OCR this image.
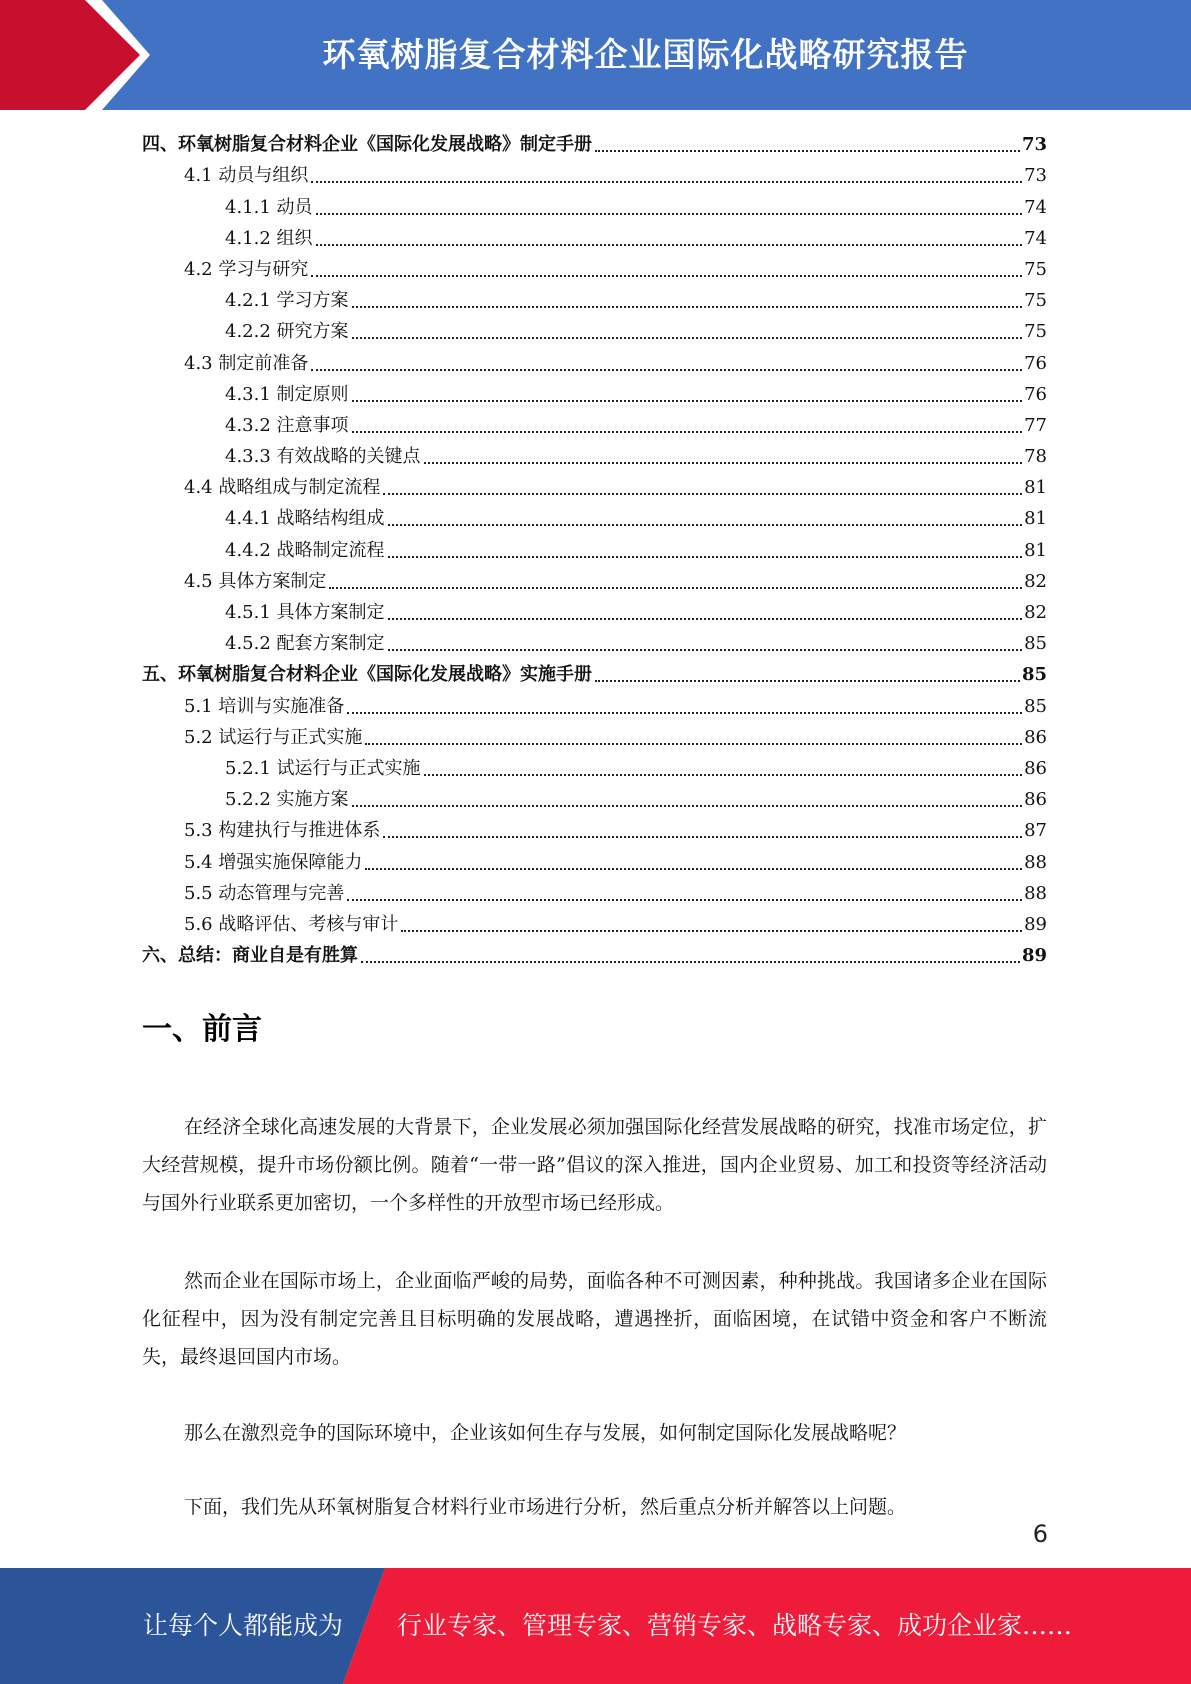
环氧树脂复合材料企业国际化战略研究报告
四、环氧树脂复合材料企业《国际化发展战略》制定手册	73
4.1 动员与组织	73
4.1.1 动员	74
4.1.2 组织	74
4.2 学习与研究	75
4.2.1 学习方案	75
4.2.2 研究方案	75
4.3 制定前准备	76
4.3.1 制定原则	76
4.3.2 注意事项	77
4.3.3 有效战略的关键点	78
4.4 战略组成与制定流程	81
4.4.1 战略结构组成	81
4.4.2 战略制定流程	81
4.5 具体方案制定	82
4.5.1 具体方案制定	82
4.5.2 配套方案制定	85
五、环氧树脂复合材料企业《国际化发展战略》实施手册	85
5.1 培训与实施准备	85
5.2 试运行与正式实施	86
5.2.1 试运行与正式实施	86
5.2.2 实施方案	86
5.3 构建执行与推进体系	87
5.4 增强实施保障能力	88
5.5 动态管理与完善	88
5.6 战略评估、考核与审计	89
六、总结：商业自是有胜算	89
一、前言

在经济全球化高速发展的大背景下，企业发展必须加强国际化经营发展战略的研究，找准市场定位，扩大经营规模，提升市场份额比例。随着“一带一路”倡议的深入推进，国内企业贸易、加工和投资等经济活动与国外行业联系更加密切，一个多样性的开放型市场已经形成。

然而企业在国际市场上，企业面临严峻的局势，面临各种不可测因素，种种挑战。我国诸多企业在国际化征程中，因为没有制定完善且目标明确的发展战略，遭遇挫折，面临困境，在试错中资金和客户不断流失，最终退回国内市场。

那么在激烈竞争的国际环境中，企业该如何生存与发展，如何制定国际化发展战略呢？

下面，我们先从环氧树脂复合材料行业市场进行分析，然后重点分析并解答以上问题。

6
让每个人都能成为 行业专家、管理专家、营销专家、战略专家、成功企业家……
